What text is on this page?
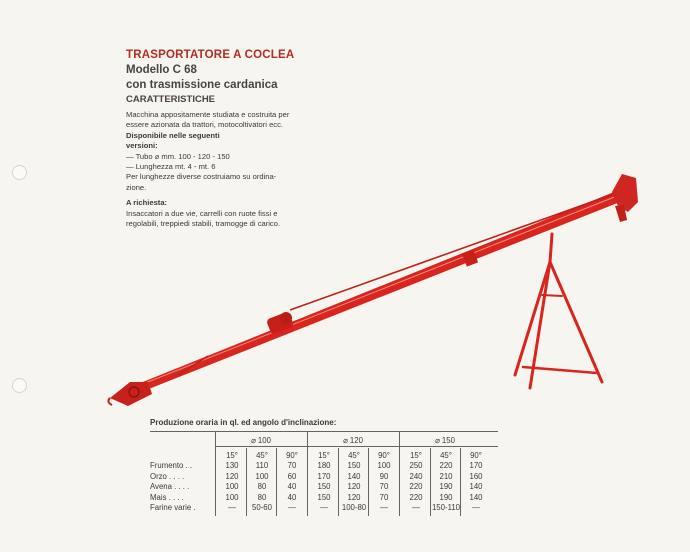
TRASPORTATORE A COCLEA
Modello C 68
con trasmissione cardanica
CARATTERISTICHE
Macchina appositamente studiata e costruita per
essere azionata da trattori, motocoltivatori ecc.
Disponibile nelle seguenti
versioni:
— Tubo ⌀ mm. 100 - 120 - 150
— Lunghezza mt. 4 - mt. 6
Per lunghezze diverse costruiamo su ordina-
zione.
A richiesta:
Insaccatori a due vie, carrelli con ruote fissi e
regolabili, treppiedi stabili, tramogge di carico.
Produzione oraria in ql. ed angolo d'inclinazione:
⌀ 100	⌀ 120	⌀ 150
15°	45°	90°	15°	45°	90°	15°	45°	90°
Frumento . .	130	110	70	180	150	100	250	220	170
Orzo . . . .	120	100	60	170	140	90	240	210	160
Avena . . . .	100	80	40	150	120	70	220	190	140
Mais . . . .	100	80	40	150	120	70	220	190	140
Farine varie .	—	50-60	—	—	100-80	—	—	150-110	—
